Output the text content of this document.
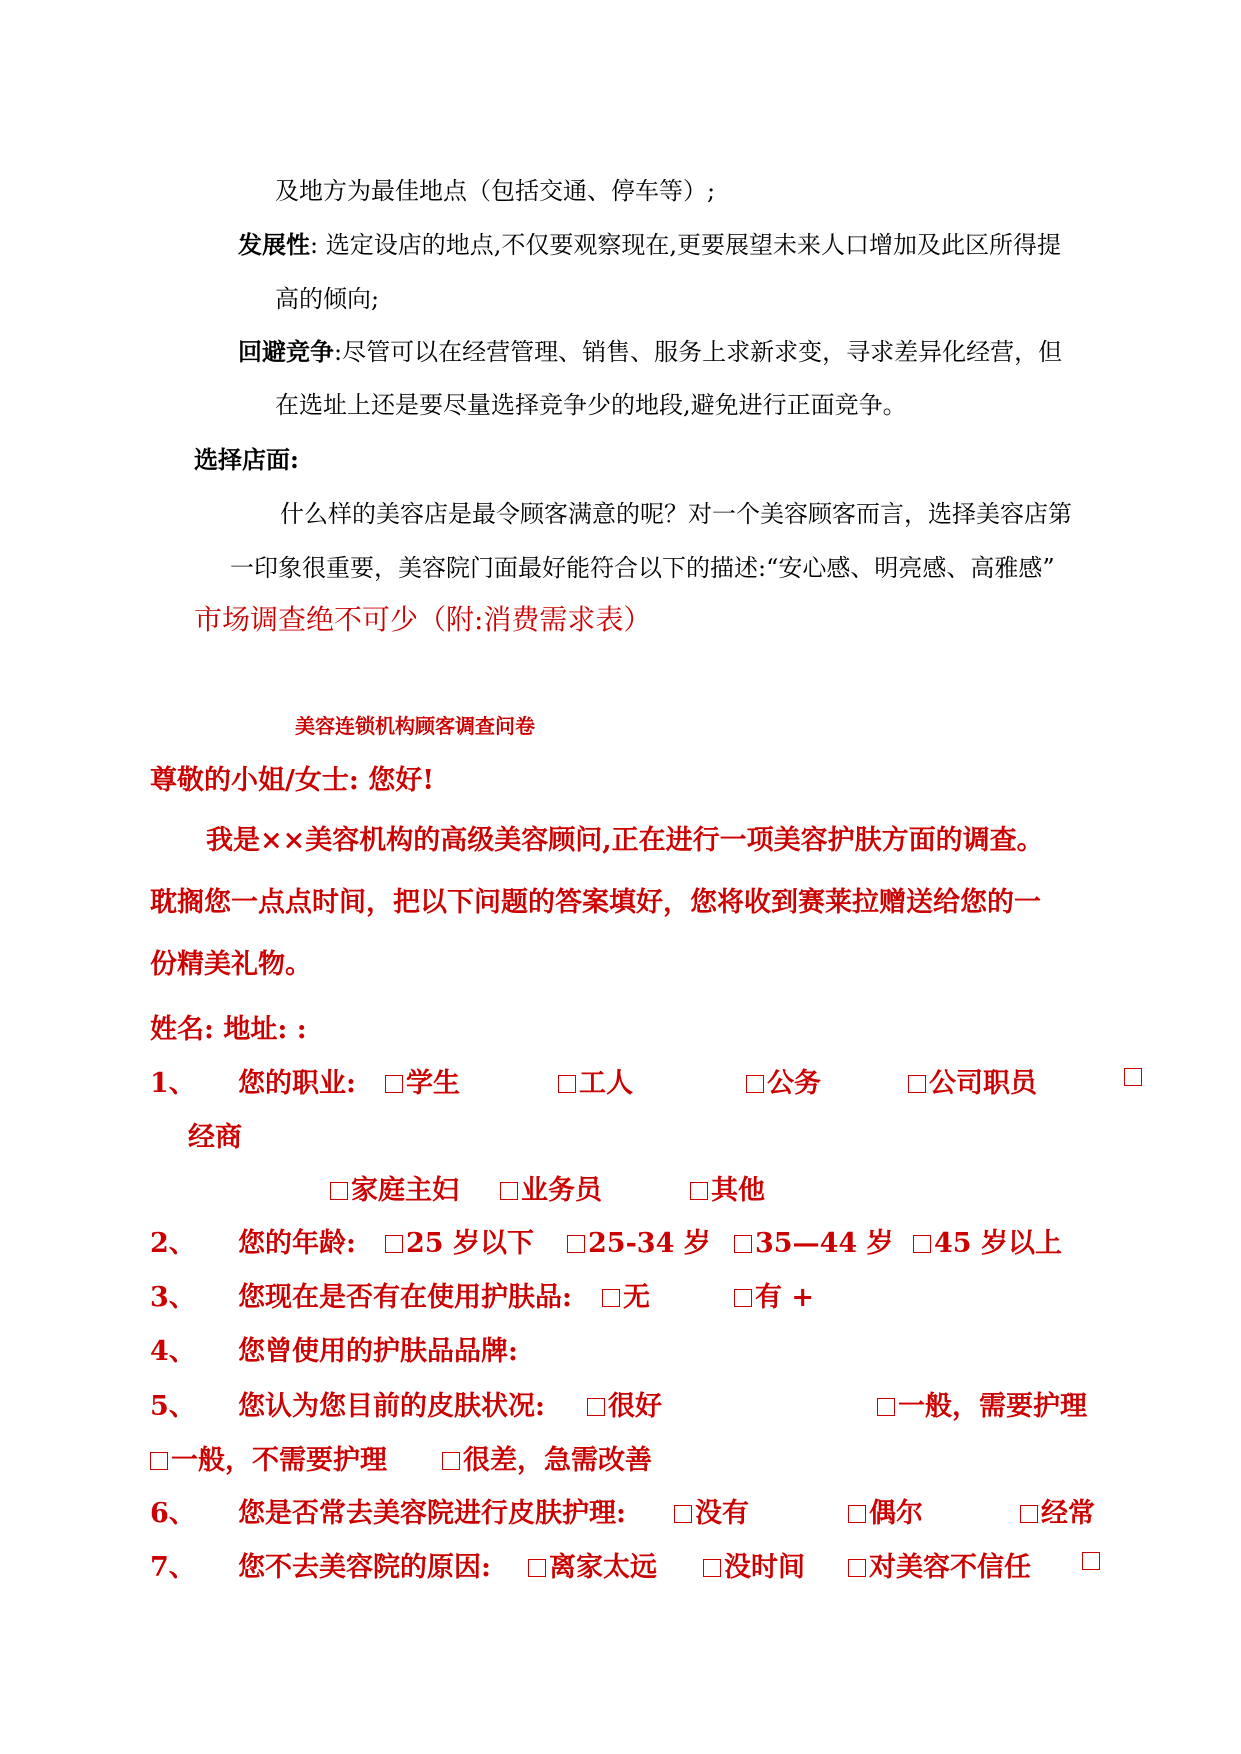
及地方为最佳地点（包括交通、停车等）;
发展性: 选定设店的地点,不仅要观察现在,更要展望未来人口增加及此区所得提
高的倾向;
回避竞争:尽管可以在经营管理、销售、服务上求新求变，寻求差异化经营，但
在选址上还是要尽量选择竞争少的地段,避免进行正面竞争。
选择店面:
什么样的美容店是最令顾客满意的呢？对一个美容顾客而言，选择美容店第
一印象很重要，美容院门面最好能符合以下的描述:“安心感、明亮感、高雅感”
市场调查绝不可少（附:消费需求表）
美容连锁机构顾客调查问卷
尊敬的小姐/女士: 您好!
我是××美容机构的高级美容顾问,正在进行一项美容护肤方面的调查。
耽搁您一点点时间，把以下问题的答案填好，您将收到赛莱拉赠送给您的一
份精美礼物。
姓名: 地址: :
1、 您的职业:	学生	工人	公务	公司职员
经商
家庭主妇	业务员	其他
2、 您的年龄:	25 岁以下	25-34 岁	35—44 岁	45 岁以上
3、 您现在是否有在使用护肤品:	无	有 +
4、 您曾使用的护肤品品牌:
5、 您认为您目前的皮肤状况:	很好	一般，需要护理
一般，不需要护理	很差，急需改善
6、 您是否常去美容院进行皮肤护理:	没有	偶尔	经常
7、 您不去美容院的原因:	离家太远	没时间	对美容不信任
